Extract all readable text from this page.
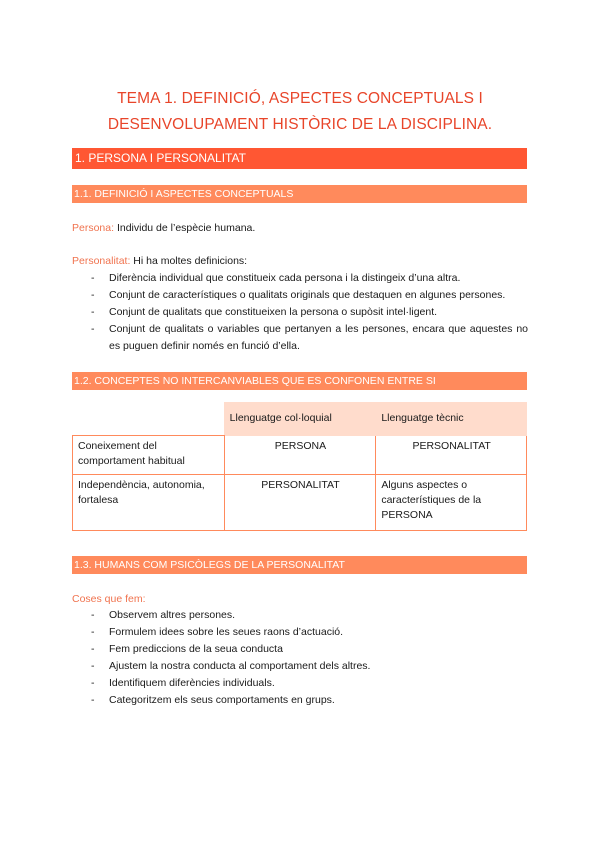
TEMA 1. DEFINICIÓ, ASPECTES CONCEPTUALS I
DESENVOLUPAMENT HISTÒRIC DE LA DISCIPLINA.
1. PERSONA I PERSONALITAT
1.1. DEFINICIÓ I ASPECTES CONCEPTUALS
Persona: Individu de l’espècie humana.
Personalitat: Hi ha moltes definicions:
- Diferència individual que constitueix cada persona i la distingeix d’una altra.
- Conjunt de característiques o qualitats originals que destaquen en algunes persones.
- Conjunt de qualitats que constitueixen la persona o supòsit intel·ligent.
- Conjunt de qualitats o variables que pertanyen a les persones, encara que aquestes no es puguen definir només en funció d’ella.
1.2. CONCEPTES NO INTERCANVIABLES QUE ES CONFONEN ENTRE SI
	Llenguatge col·loquial	Llenguatge tècnic
Coneixement del comportament habitual	PERSONA	PERSONALITAT
Independència, autonomia, fortalesa	PERSONALITAT	Alguns aspectes o característiques de la PERSONA
1.3. HUMANS COM PSICÒLEGS DE LA PERSONALITAT
Coses que fem:
- Observem altres persones.
- Formulem idees sobre les seues raons d’actuació.
- Fem prediccions de la seua conducta
- Ajustem la nostra conducta al comportament dels altres.
- Identifiquem diferències individuals.
- Categoritzem els seus comportaments en grups.
